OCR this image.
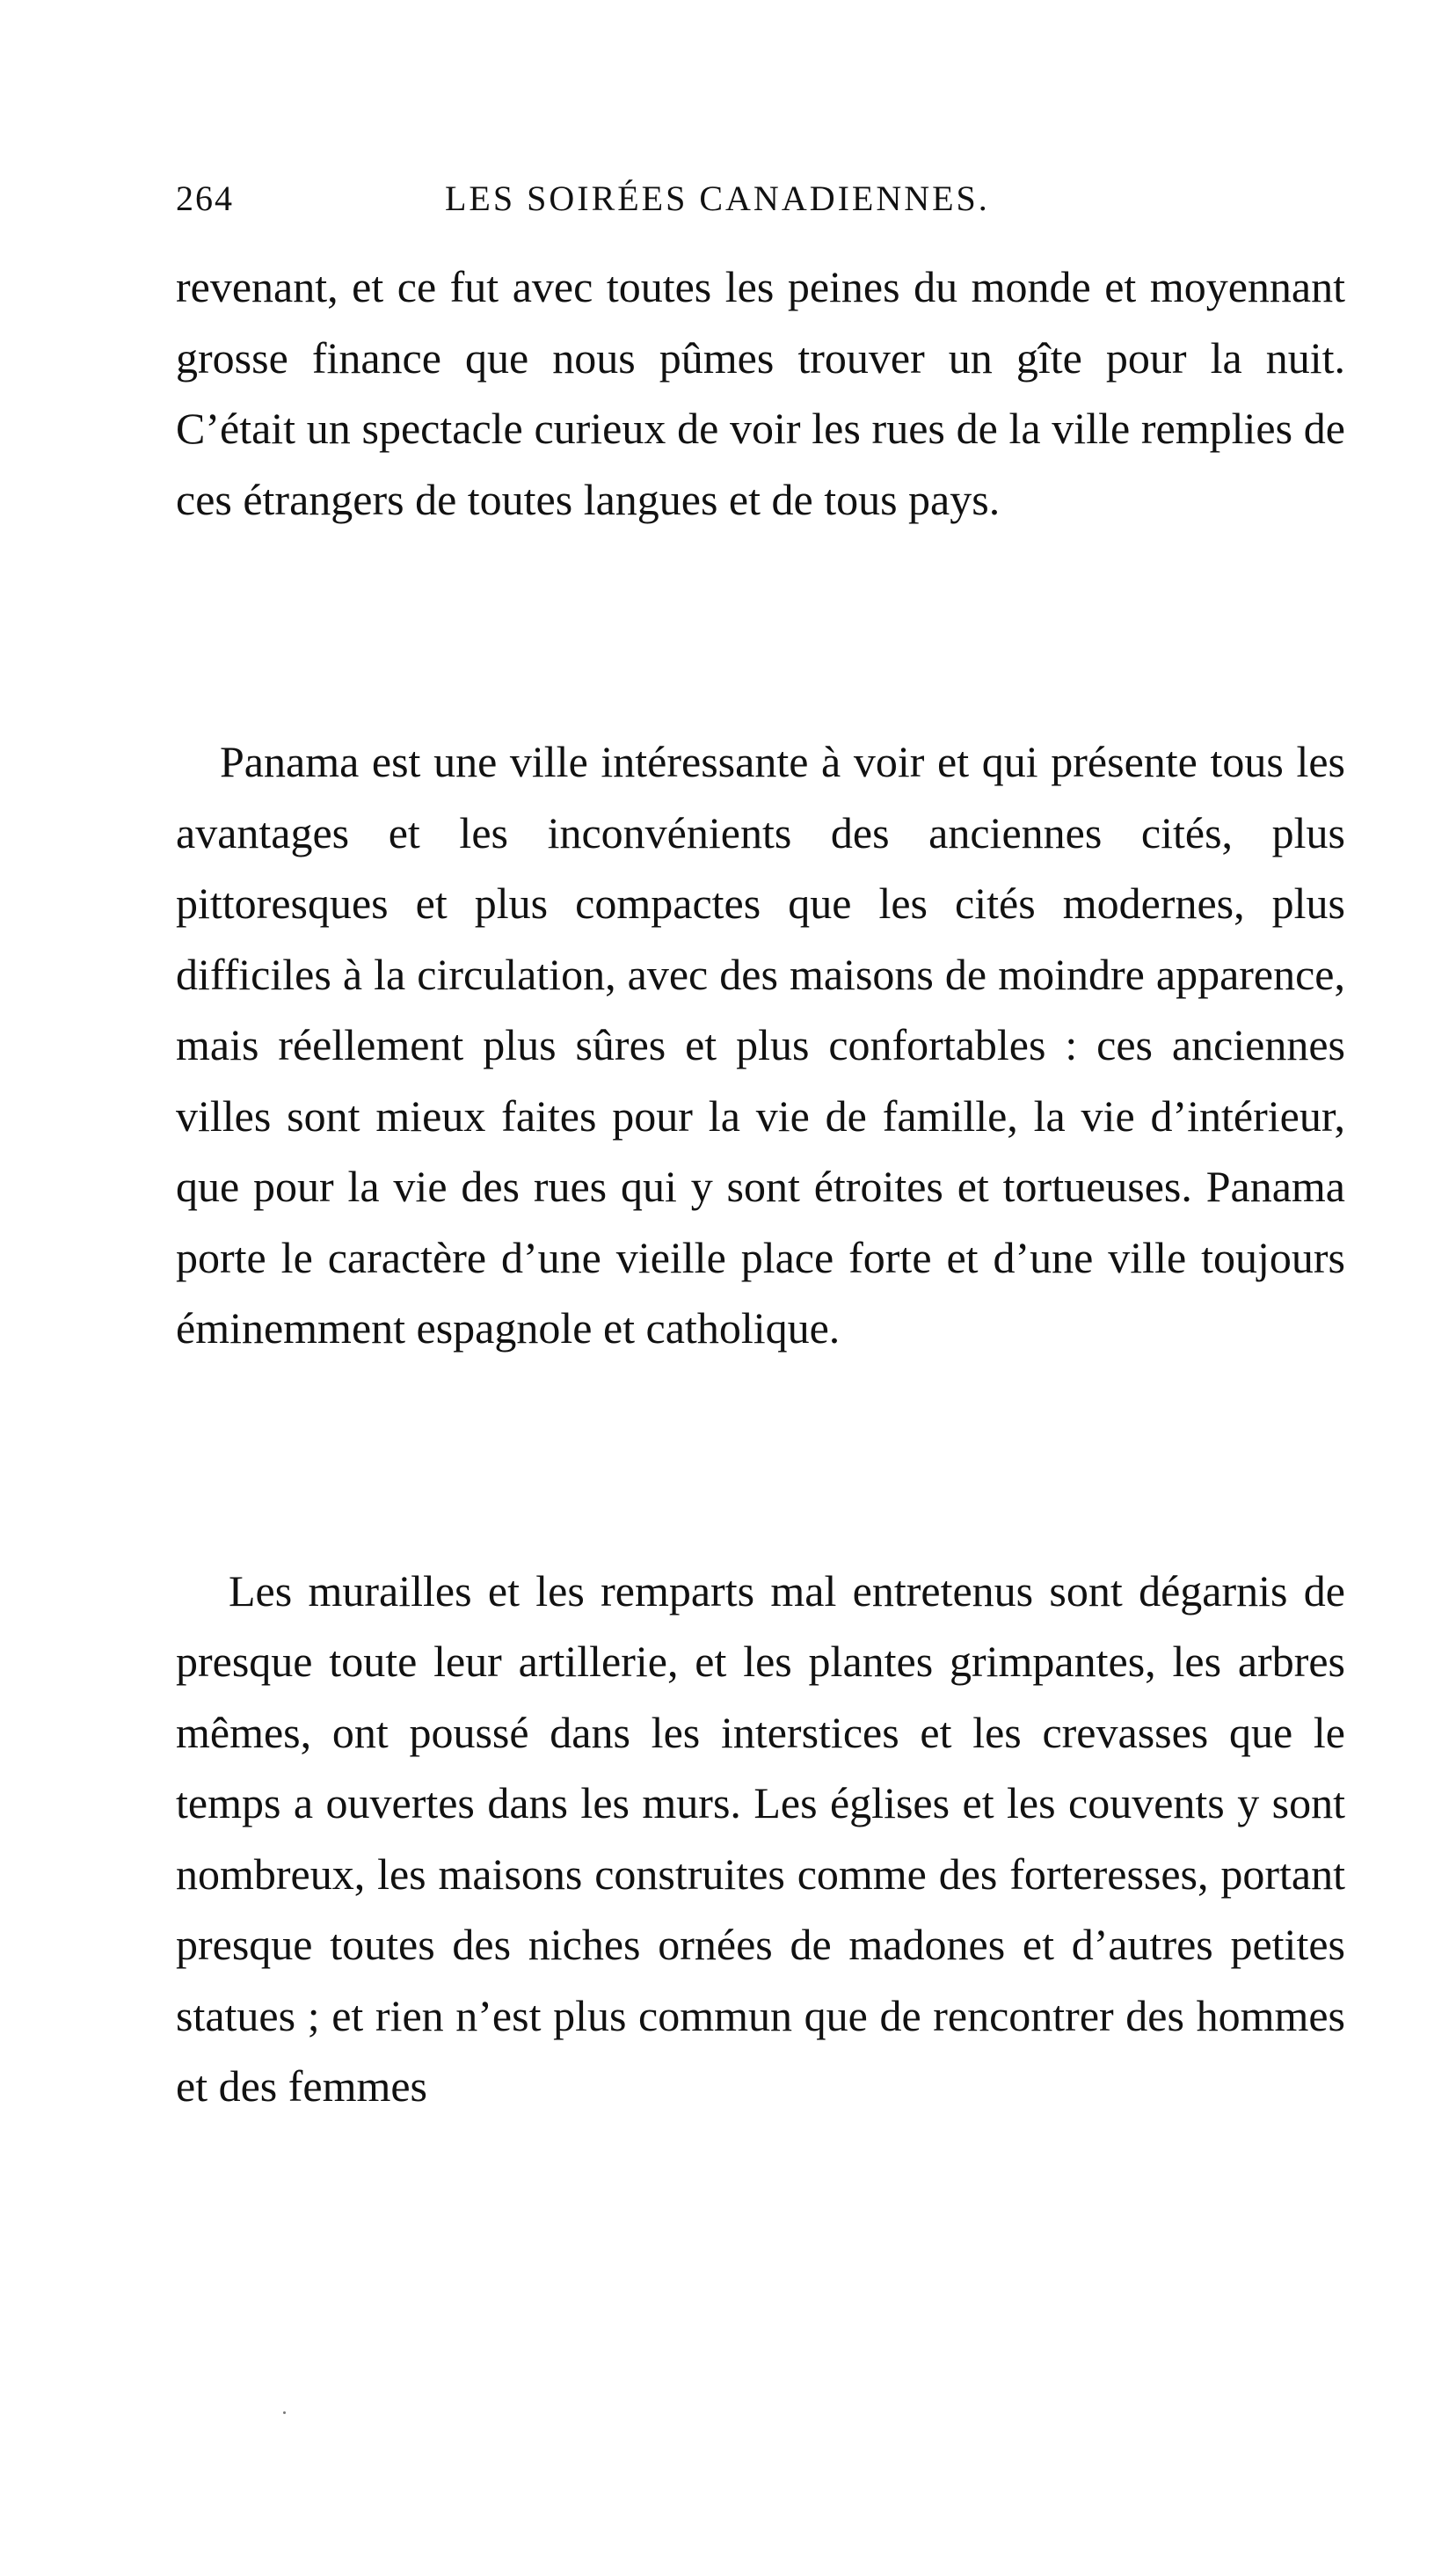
264	LES SOIRÉES CANADIENNES.

revenant, et ce fut avec toutes les peines du monde et moyennant grosse finance que nous pûmes trouver un gîte pour la nuit. C’était un spectacle curieux de voir les rues de la ville remplies de ces étrangers de toutes langues et de tous pays.

Panama est une ville intéressante à voir et qui présente tous les avantages et les inconvénients des anciennes cités, plus pittoresques et plus compactes que les cités modernes, plus difficiles à la circulation, avec des maisons de moindre apparence, mais réellement plus sûres et plus confortables : ces anciennes villes sont mieux faites pour la vie de famille, la vie d’intérieur, que pour la vie des rues qui y sont étroites et tortueuses. Panama porte le caractère d’une vieille place forte et d’une ville toujours éminemment espagnole et catholique.

Les murailles et les remparts mal entretenus sont dégarnis de presque toute leur artillerie, et les plantes grimpantes, les arbres mêmes, ont poussé dans les interstices et les crevasses que le temps a ouvertes dans les murs. Les églises et les couvents y sont nombreux, les maisons construites comme des forteresses, portant presque toutes des niches ornées de madones et d’autres petites statues ; et rien n’est plus commun que de rencontrer des hommes et des femmes
